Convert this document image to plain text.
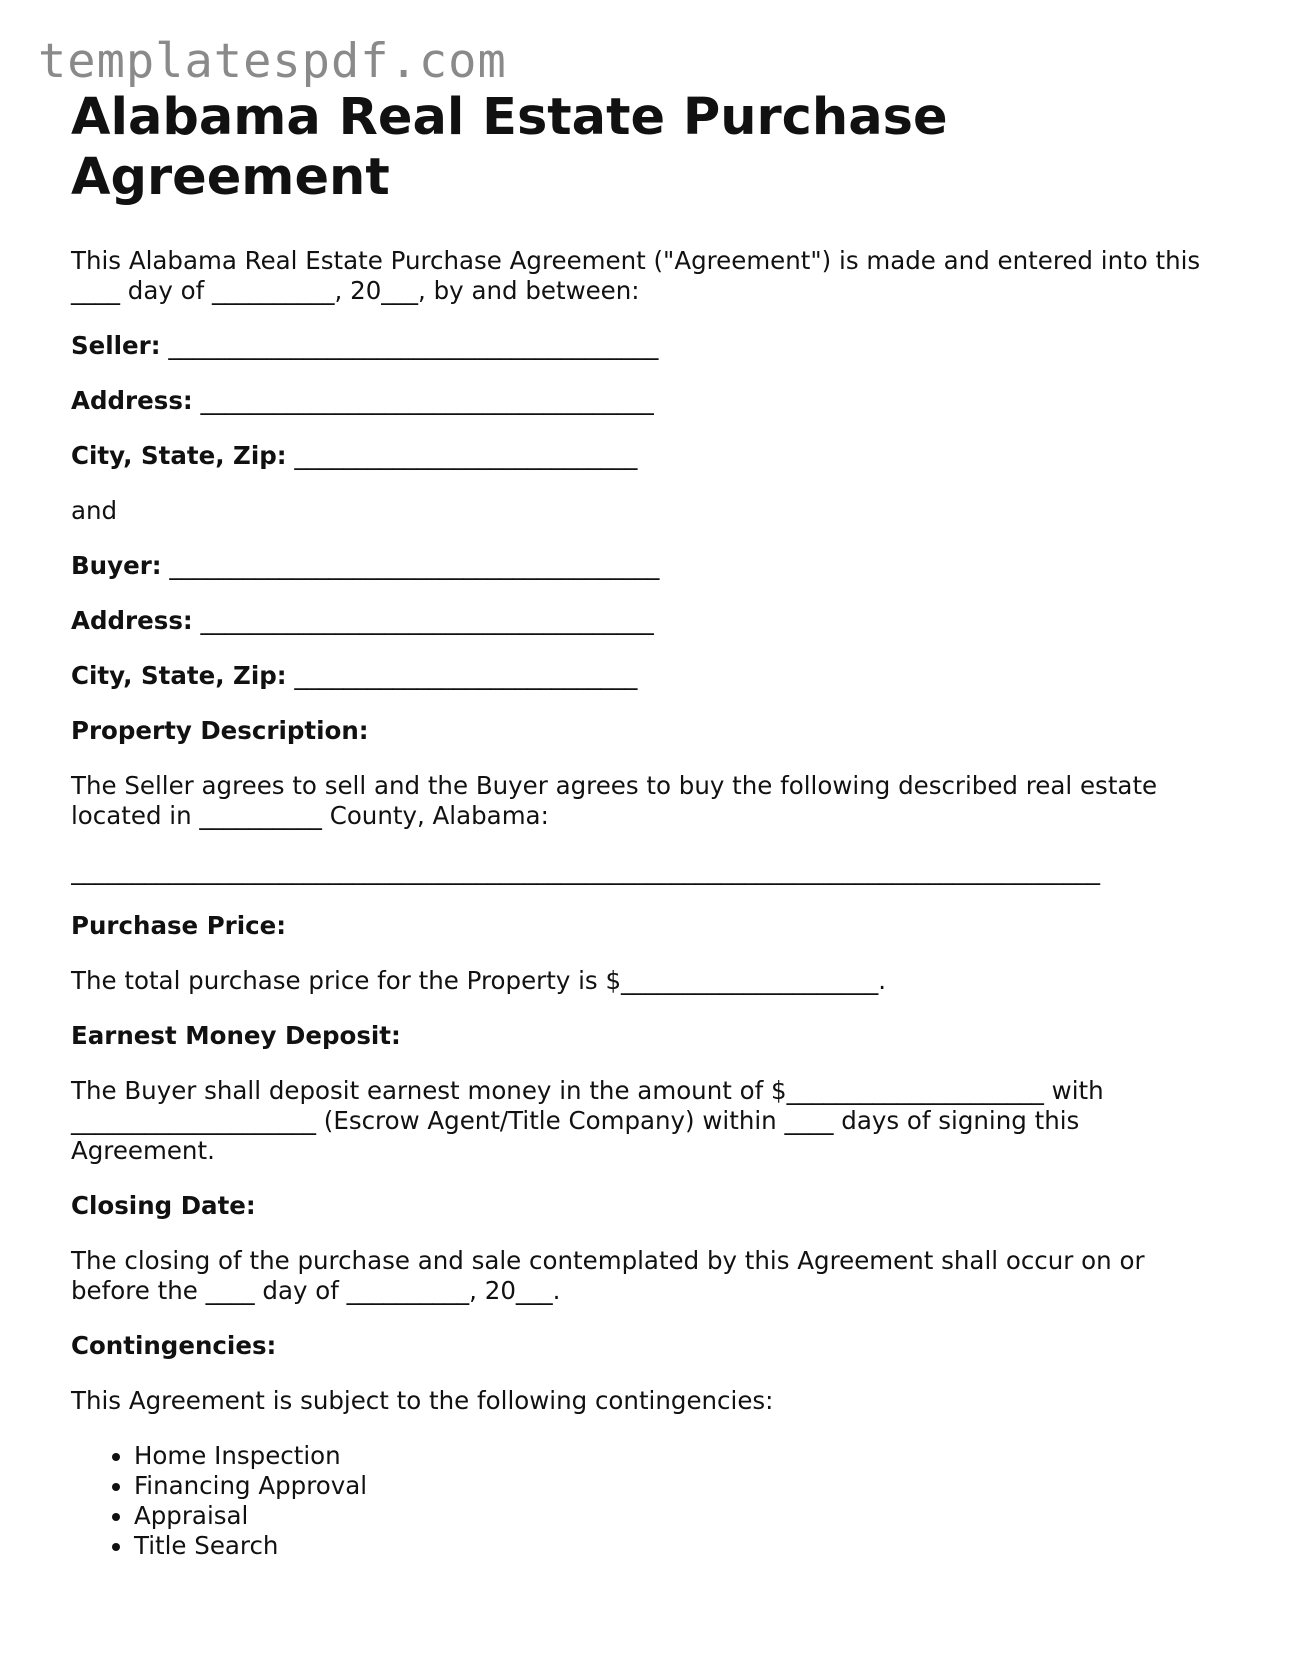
templatespdf.com
Alabama Real Estate Purchase Agreement

This Alabama Real Estate Purchase Agreement ("Agreement") is made and entered into this ____ day of __________, 20___, by and between:

Seller: ________________________________________
Address: _____________________________________
City, State, Zip: ____________________________

and

Buyer: ________________________________________
Address: _____________________________________
City, State, Zip: ____________________________
Property Description:

The Seller agrees to sell and the Buyer agrees to buy the following described real estate located in __________ County, Alabama:

____________________________________________________________________________________
Purchase Price:

The total purchase price for the Property is $_____________________.

Earnest Money Deposit:

The Buyer shall deposit earnest money in the amount of $_____________________ with ____________________ (Escrow Agent/Title Company) within ____ days of signing this Agreement.

Closing Date:

The closing of the purchase and sale contemplated by this Agreement shall occur on or before the ____ day of __________, 20___.

Contingencies:

This Agreement is subject to the following contingencies:

• Home Inspection
• Financing Approval
• Appraisal
• Title Search
